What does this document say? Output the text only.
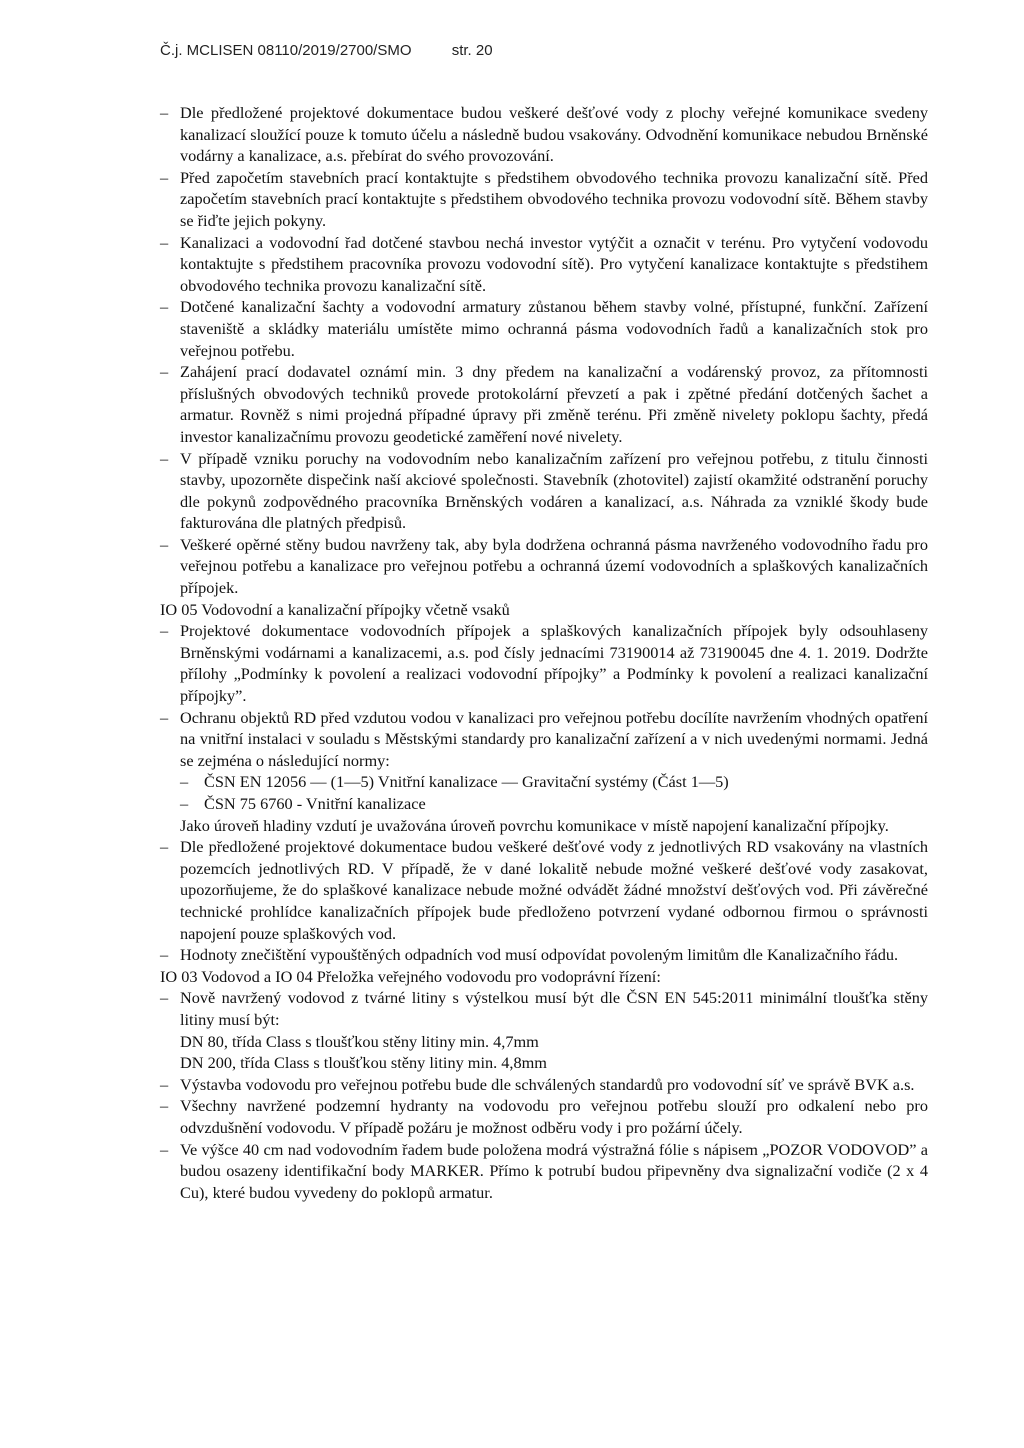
Č.j. MCLISEN 08110/2019/2700/SMO	str. 20
– Dle předložené projektové dokumentace budou veškeré dešťové vody z plochy veřejné komunikace svedeny kanalizací sloužící pouze k tomuto účelu a následně budou vsakovány. Odvodnění komunikace nebudou Brněnské vodárny a kanalizace, a.s. přebírat do svého provozování.
– Před započetím stavebních prací kontaktujte s předstihem obvodového technika provozu kanalizační sítě. Před započetím stavebních prací kontaktujte s předstihem obvodového technika provozu vodovodní sítě. Během stavby se řiďte jejich pokyny.
– Kanalizaci a vodovodní řad dotčené stavbou nechá investor vytýčit a označit v terénu. Pro vytyčení vodovodu kontaktujte s předstihem pracovníka provozu vodovodní sítě). Pro vytyčení kanalizace kontaktujte s předstihem obvodového technika provozu kanalizační sítě.
– Dotčené kanalizační šachty a vodovodní armatury zůstanou během stavby volné, přístupné, funkční. Zařízení staveniště a skládky materiálu umístěte mimo ochranná pásma vodovodních řadů a kanalizačních stok pro veřejnou potřebu.
– Zahájení prací dodavatel oznámí min. 3 dny předem na kanalizační a vodárenský provoz, za přítomnosti příslušných obvodových techniků provede protokolární převzetí a pak i zpětné předání dotčených šachet a armatur. Rovněž s nimi projedná případné úpravy při změně terénu. Při změně nivelety poklopu šachty, předá investor kanalizačnímu provozu geodetické zaměření nové nivelety.
– V případě vzniku poruchy na vodovodním nebo kanalizačním zařízení pro veřejnou potřebu, z titulu činnosti stavby, upozorněte dispečink naší akciové společnosti. Stavebník (zhotovitel) zajistí okamžité odstranění poruchy dle pokynů zodpovědného pracovníka Brněnských vodáren a kanalizací, a.s. Náhrada za vzniklé škody bude fakturována dle platných předpisů.
– Veškeré opěrné stěny budou navrženy tak, aby byla dodržena ochranná pásma navrženého vodovodního řadu pro veřejnou potřebu a kanalizace pro veřejnou potřebu a ochranná území vodovodních a splaškových kanalizačních přípojek.
IO 05 Vodovodní a kanalizační přípojky včetně vsaků
– Projektové dokumentace vodovodních přípojek a splaškových kanalizačních přípojek byly odsouhlaseny Brněnskými vodárnami a kanalizacemi, a.s. pod čísly jednacími 73190014 až 73190045 dne 4. 1. 2019. Dodržte přílohy „Podmínky k povolení a realizaci vodovodní přípojky” a Podmínky k povolení a realizaci kanalizační přípojky”.
– Ochranu objektů RD před vzdutou vodou v kanalizaci pro veřejnou potřebu docílíte navržením vhodných opatření na vnitřní instalaci v souladu s Městskými standardy pro kanalizační zařízení a v nich uvedenými normami. Jedná se zejména o následující normy:
– ČSN EN 12056 — (1—5) Vnitřní kanalizace — Gravitační systémy (Část 1—5)
– ČSN 75 6760 - Vnitřní kanalizace
Jako úroveň hladiny vzdutí je uvažována úroveň povrchu komunikace v místě napojení kanalizační přípojky.
– Dle předložené projektové dokumentace budou veškeré dešťové vody z jednotlivých RD vsakovány na vlastních pozemcích jednotlivých RD. V případě, že v dané lokalitě nebude možné veškeré dešťové vody zasakovat, upozorňujeme, že do splaškové kanalizace nebude možné odvádět žádné množství dešťových vod. Při závěrečné technické prohlídce kanalizačních přípojek bude předloženo potvrzení vydané odbornou firmou o správnosti napojení pouze splaškových vod.
– Hodnoty znečištění vypouštěných odpadních vod musí odpovídat povoleným limitům dle Kanalizačního řádu.
IO 03 Vodovod a IO 04 Přeložka veřejného vodovodu pro vodoprávní řízení:
– Nově navržený vodovod z tvárné litiny s výstelkou musí být dle ČSN EN 545:2011 minimální tloušťka stěny litiny musí být:
DN 80, třída Class s tloušťkou stěny litiny min. 4,7mm
DN 200, třída Class s tloušťkou stěny litiny min. 4,8mm
– Výstavba vodovodu pro veřejnou potřebu bude dle schválených standardů pro vodovodní síť ve správě BVK a.s.
– Všechny navržené podzemní hydranty na vodovodu pro veřejnou potřebu slouží pro odkalení nebo pro odvzdušnění vodovodu. V případě požáru je možnost odběru vody i pro požární účely.
– Ve výšce 40 cm nad vodovodním řadem bude položena modrá výstražná fólie s nápisem „POZOR VODOVOD” a budou osazeny identifikační body MARKER. Přímo k potrubí budou připevněny dva signalizační vodiče (2 x 4 Cu), které budou vyvedeny do poklopů armatur.
